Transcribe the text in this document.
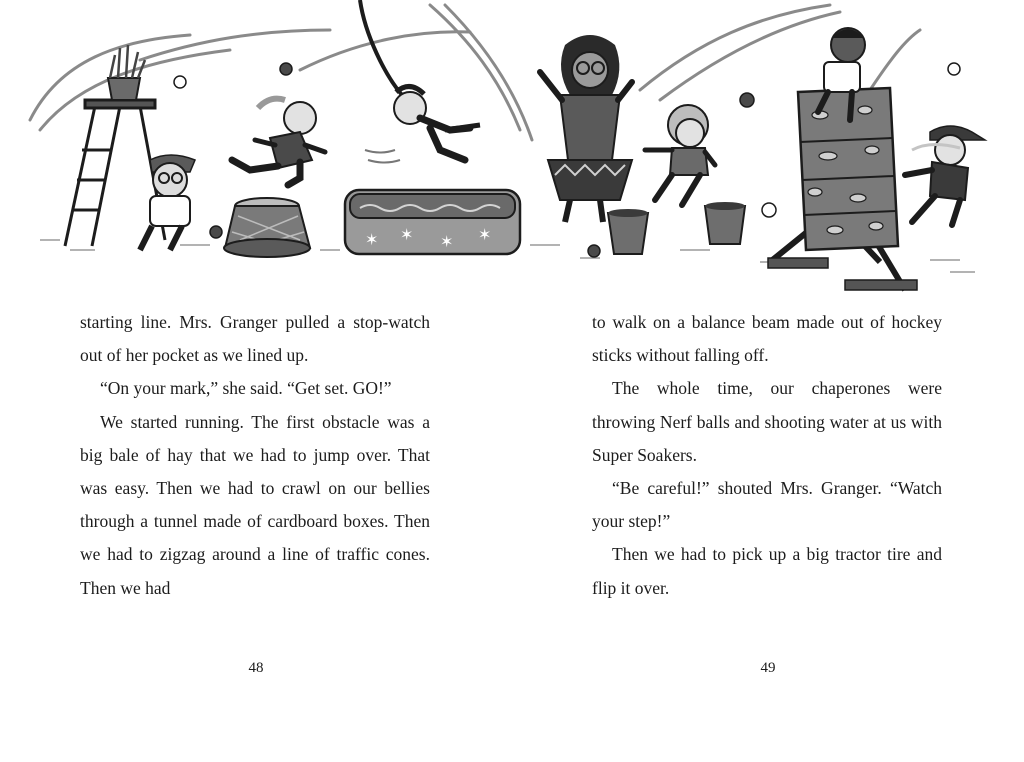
✶ ✶ ✶ ✶

starting line. Mrs. Granger pulled a stop-watch out of her pocket as we lined up.

“On your mark,” she said. “Get set. GO!”

We started running. The first obstacle was a big bale of hay that we had to jump over. That was easy. Then we had to crawl on our bellies through a tunnel made of cardboard boxes. Then we had to zigzag around a line of traffic cones. Then we had

to walk on a balance beam made out of hockey sticks without falling off.

The whole time, our chaperones were throwing Nerf balls and shooting water at us with Super Soakers.

“Be careful!” shouted Mrs. Granger. “Watch your step!”

Then we had to pick up a big tractor tire and flip it over.

48	49
